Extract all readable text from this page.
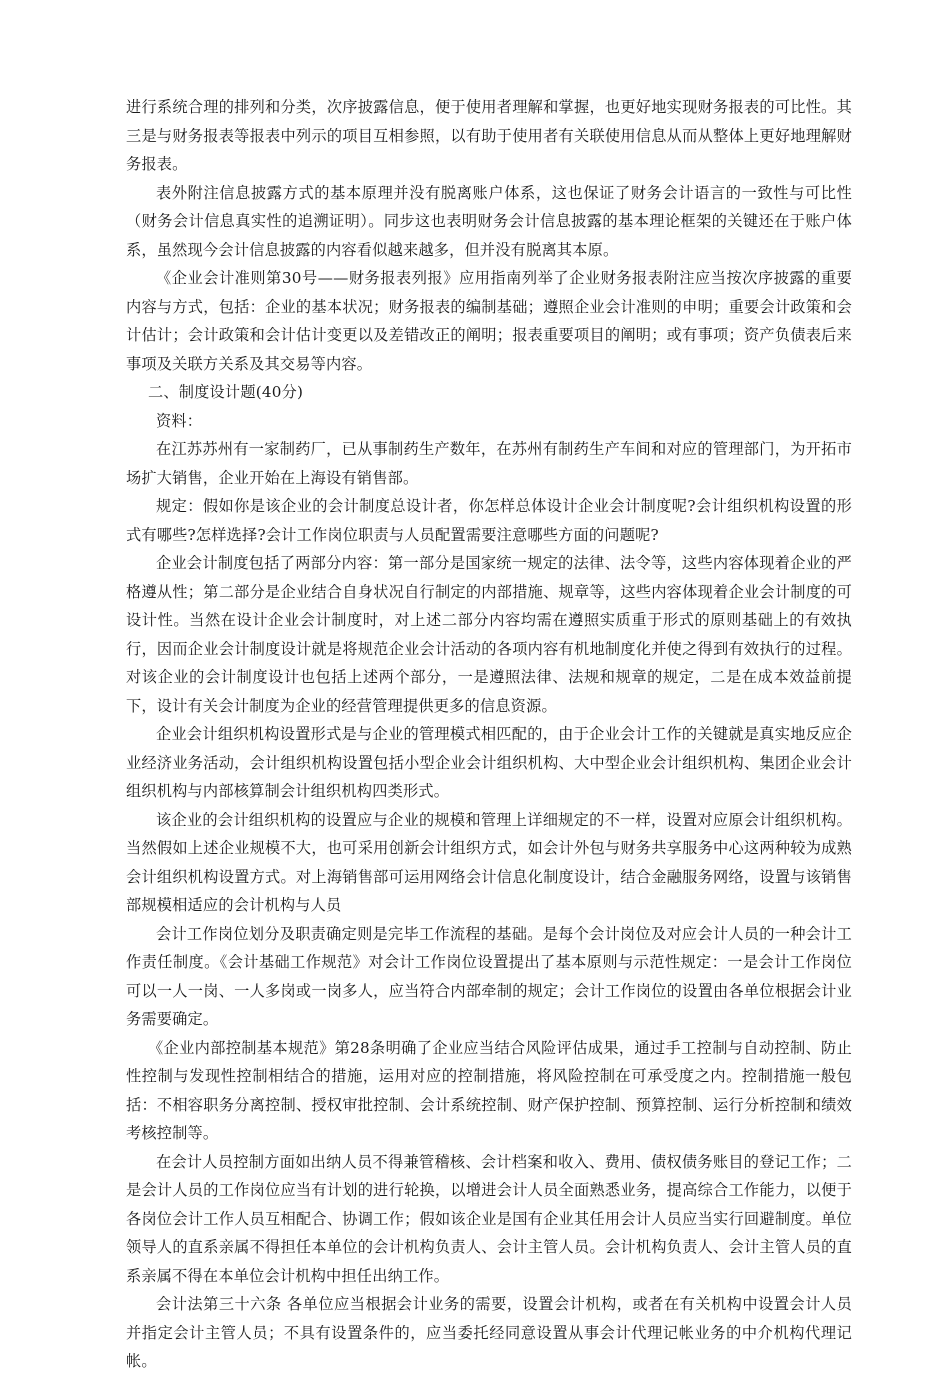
进行系统合理的排列和分类，次序披露信息，便于使用者理解和掌握，也更好地实现财务报表的可比性。其三是与财务报表等报表中列示的项目互相参照，以有助于使用者有关联使用信息从而从整体上更好地理解财务报表。

表外附注信息披露方式的基本原理并没有脱离账户体系，这也保证了财务会计语言的一致性与可比性（财务会计信息真实性的追溯证明）。同步这也表明财务会计信息披露的基本理论框架的关键还在于账户体系，虽然现今会计信息披露的内容看似越来越多，但并没有脱离其本原。

《企业会计准则第30号——财务报表列报》应用指南列举了企业财务报表附注应当按次序披露的重要内容与方式，包括：企业的基本状况；财务报表的编制基础；遵照企业会计准则的申明；重要会计政策和会计估计；会计政策和会计估计变更以及差错改正的阐明；报表重要项目的阐明；或有事项；资产负债表后来事项及关联方关系及其交易等内容。

二、制度设计题(40分)

资料：

在江苏苏州有一家制药厂，已从事制药生产数年，在苏州有制药生产车间和对应的管理部门，为开拓市场扩大销售，企业开始在上海设有销售部。

规定：假如你是该企业的会计制度总设计者，你怎样总体设计企业会计制度呢?会计组织机构设置的形式有哪些?怎样选择?会计工作岗位职责与人员配置需要注意哪些方面的问题呢?

企业会计制度包括了两部分内容：第一部分是国家统一规定的法律、法令等，这些内容体现着企业的严格遵从性；第二部分是企业结合自身状况自行制定的内部措施、规章等，这些内容体现着企业会计制度的可设计性。当然在设计企业会计制度时，对上述二部分内容均需在遵照实质重于形式的原则基础上的有效执行，因而企业会计制度设计就是将规范企业会计活动的各项内容有机地制度化并使之得到有效执行的过程。对该企业的会计制度设计也包括上述两个部分，一是遵照法律、法规和规章的规定，二是在成本效益前提下，设计有关会计制度为企业的经营管理提供更多的信息资源。

企业会计组织机构设置形式是与企业的管理模式相匹配的，由于企业会计工作的关键就是真实地反应企业经济业务活动，会计组织机构设置包括小型企业会计组织机构、大中型企业会计组织机构、集团企业会计组织机构与内部核算制会计组织机构四类形式。

该企业的会计组织机构的设置应与企业的规模和管理上详细规定的不一样，设置对应原会计组织机构。当然假如上述企业规模不大，也可采用创新会计组织方式，如会计外包与财务共享服务中心这两种较为成熟会计组织机构设置方式。对上海销售部可运用网络会计信息化制度设计，结合金融服务网络，设置与该销售部规模相适应的会计机构与人员

会计工作岗位划分及职责确定则是完毕工作流程的基础。是每个会计岗位及对应会计人员的一种会计工作责任制度。《会计基础工作规范》对会计工作岗位设置提出了基本原则与示范性规定：一是会计工作岗位可以一人一岗、一人多岗或一岗多人，应当符合内部牵制的规定；会计工作岗位的设置由各单位根据会计业务需要确定。

《企业内部控制基本规范》第28条明确了企业应当结合风险评估成果，通过手工控制与自动控制、防止性控制与发现性控制相结合的措施，运用对应的控制措施，将风险控制在可承受度之内。控制措施一般包括：不相容职务分离控制、授权审批控制、会计系统控制、财产保护控制、预算控制、运行分析控制和绩效考核控制等。

在会计人员控制方面如出纳人员不得兼管稽核、会计档案和收入、费用、债权债务账目的登记工作；二是会计人员的工作岗位应当有计划的进行轮换，以增进会计人员全面熟悉业务，提高综合工作能力，以便于各岗位会计工作人员互相配合、协调工作；假如该企业是国有企业其任用会计人员应当实行回避制度。单位领导人的直系亲属不得担任本单位的会计机构负责人、会计主管人员。会计机构负责人、会计主管人员的直系亲属不得在本单位会计机构中担任出纳工作。

会计法第三十六条 各单位应当根据会计业务的需要，设置会计机构，或者在有关机构中设置会计人员并指定会计主管人员；不具有设置条件的，应当委托经同意设置从事会计代理记帐业务的中介机构代理记帐。
